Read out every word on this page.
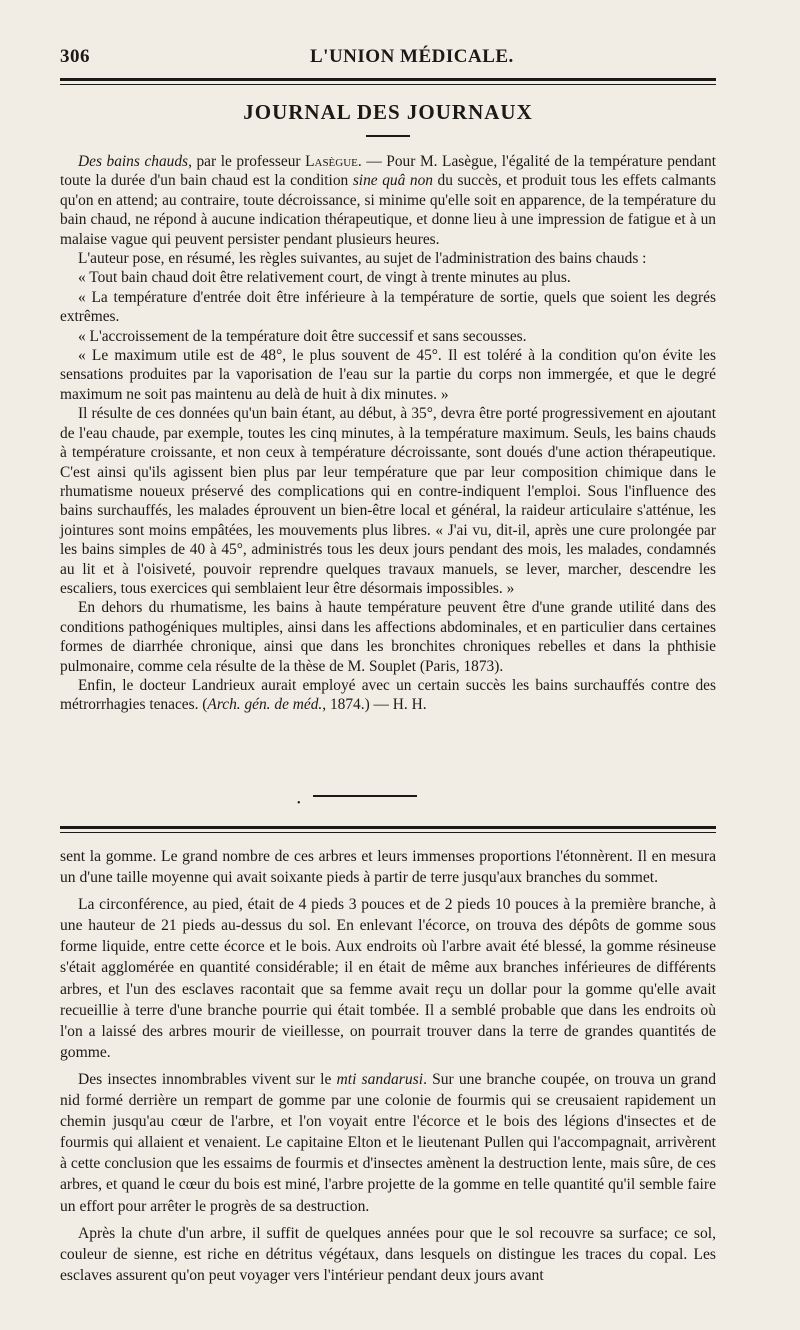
306	L'UNION MÉDICALE.
JOURNAL DES JOURNAUX

Des bains chauds, par le professeur Lasègue. — Pour M. Lasègue, l'égalité de la température pendant toute la durée d'un bain chaud est la condition sine quâ non du succès, et produit tous les effets calmants qu'on en attend; au contraire, toute décroissance, si minime qu'elle soit en apparence, de la température du bain chaud, ne répond à aucune indication thérapeutique, et donne lieu à une impression de fatigue et à un malaise vague qui peuvent persister pendant plusieurs heures.

L'auteur pose, en résumé, les règles suivantes, au sujet de l'administration des bains chauds :

« Tout bain chaud doit être relativement court, de vingt à trente minutes au plus.

« La température d'entrée doit être inférieure à la température de sortie, quels que soient les degrés extrêmes.

« L'accroissement de la température doit être successif et sans secousses.

« Le maximum utile est de 48°, le plus souvent de 45°. Il est toléré à la condition qu'on évite les sensations produites par la vaporisation de l'eau sur la partie du corps non immergée, et que le degré maximum ne soit pas maintenu au delà de huit à dix minutes. »

Il résulte de ces données qu'un bain étant, au début, à 35°, devra être porté progressivement en ajoutant de l'eau chaude, par exemple, toutes les cinq minutes, à la température maximum. Seuls, les bains chauds à température croissante, et non ceux à température décroissante, sont doués d'une action thérapeutique. C'est ainsi qu'ils agissent bien plus par leur température que par leur composition chimique dans le rhumatisme noueux préservé des complications qui en contre-indiquent l'emploi. Sous l'influence des bains surchauffés, les malades éprouvent un bien-être local et général, la raideur articulaire s'atténue, les jointures sont moins empâtées, les mouvements plus libres. « J'ai vu, dit-il, après une cure prolongée par les bains simples de 40 à 45°, administrés tous les deux jours pendant des mois, les malades, condamnés au lit et à l'oisiveté, pouvoir reprendre quelques travaux manuels, se lever, marcher, descendre les escaliers, tous exercices qui semblaient leur être désormais impossibles. »

En dehors du rhumatisme, les bains à haute température peuvent être d'une grande utilité dans des conditions pathogéniques multiples, ainsi dans les affections abdominales, et en particulier dans certaines formes de diarrhée chronique, ainsi que dans les bronchites chroniques rebelles et dans la phthisie pulmonaire, comme cela résulte de la thèse de M. Souplet (Paris, 1873).

Enfin, le docteur Landrieux aurait employé avec un certain succès les bains surchauffés contre des métrorrhagies tenaces. (Arch. gén. de méd., 1874.) — H. H.

•

sent la gomme. Le grand nombre de ces arbres et leurs immenses proportions l'étonnèrent. Il en mesura un d'une taille moyenne qui avait soixante pieds à partir de terre jusqu'aux branches du sommet.

La circonférence, au pied, était de 4 pieds 3 pouces et de 2 pieds 10 pouces à la première branche, à une hauteur de 21 pieds au-dessus du sol. En enlevant l'écorce, on trouva des dépôts de gomme sous forme liquide, entre cette écorce et le bois. Aux endroits où l'arbre avait été blessé, la gomme résineuse s'était agglomérée en quantité considérable; il en était de même aux branches inférieures de différents arbres, et l'un des esclaves racontait que sa femme avait reçu un dollar pour la gomme qu'elle avait recueillie à terre d'une branche pourrie qui était tombée. Il a semblé probable que dans les endroits où l'on a laissé des arbres mourir de vieillesse, on pourrait trouver dans la terre de grandes quantités de gomme.

Des insectes innombrables vivent sur le mti sandarusi. Sur une branche coupée, on trouva un grand nid formé derrière un rempart de gomme par une colonie de fourmis qui se creusaient rapidement un chemin jusqu'au cœur de l'arbre, et l'on voyait entre l'écorce et le bois des légions d'insectes et de fourmis qui allaient et venaient. Le capitaine Elton et le lieutenant Pullen qui l'accompagnait, arrivèrent à cette conclusion que les essaims de fourmis et d'insectes amènent la destruction lente, mais sûre, de ces arbres, et quand le cœur du bois est miné, l'arbre projette de la gomme en telle quantité qu'il semble faire un effort pour arrêter le progrès de sa destruction.

Après la chute d'un arbre, il suffit de quelques années pour que le sol recouvre sa surface; ce sol, couleur de sienne, est riche en détritus végétaux, dans lesquels on distingue les traces du copal. Les esclaves assurent qu'on peut voyager vers l'intérieur pendant deux jours avant
